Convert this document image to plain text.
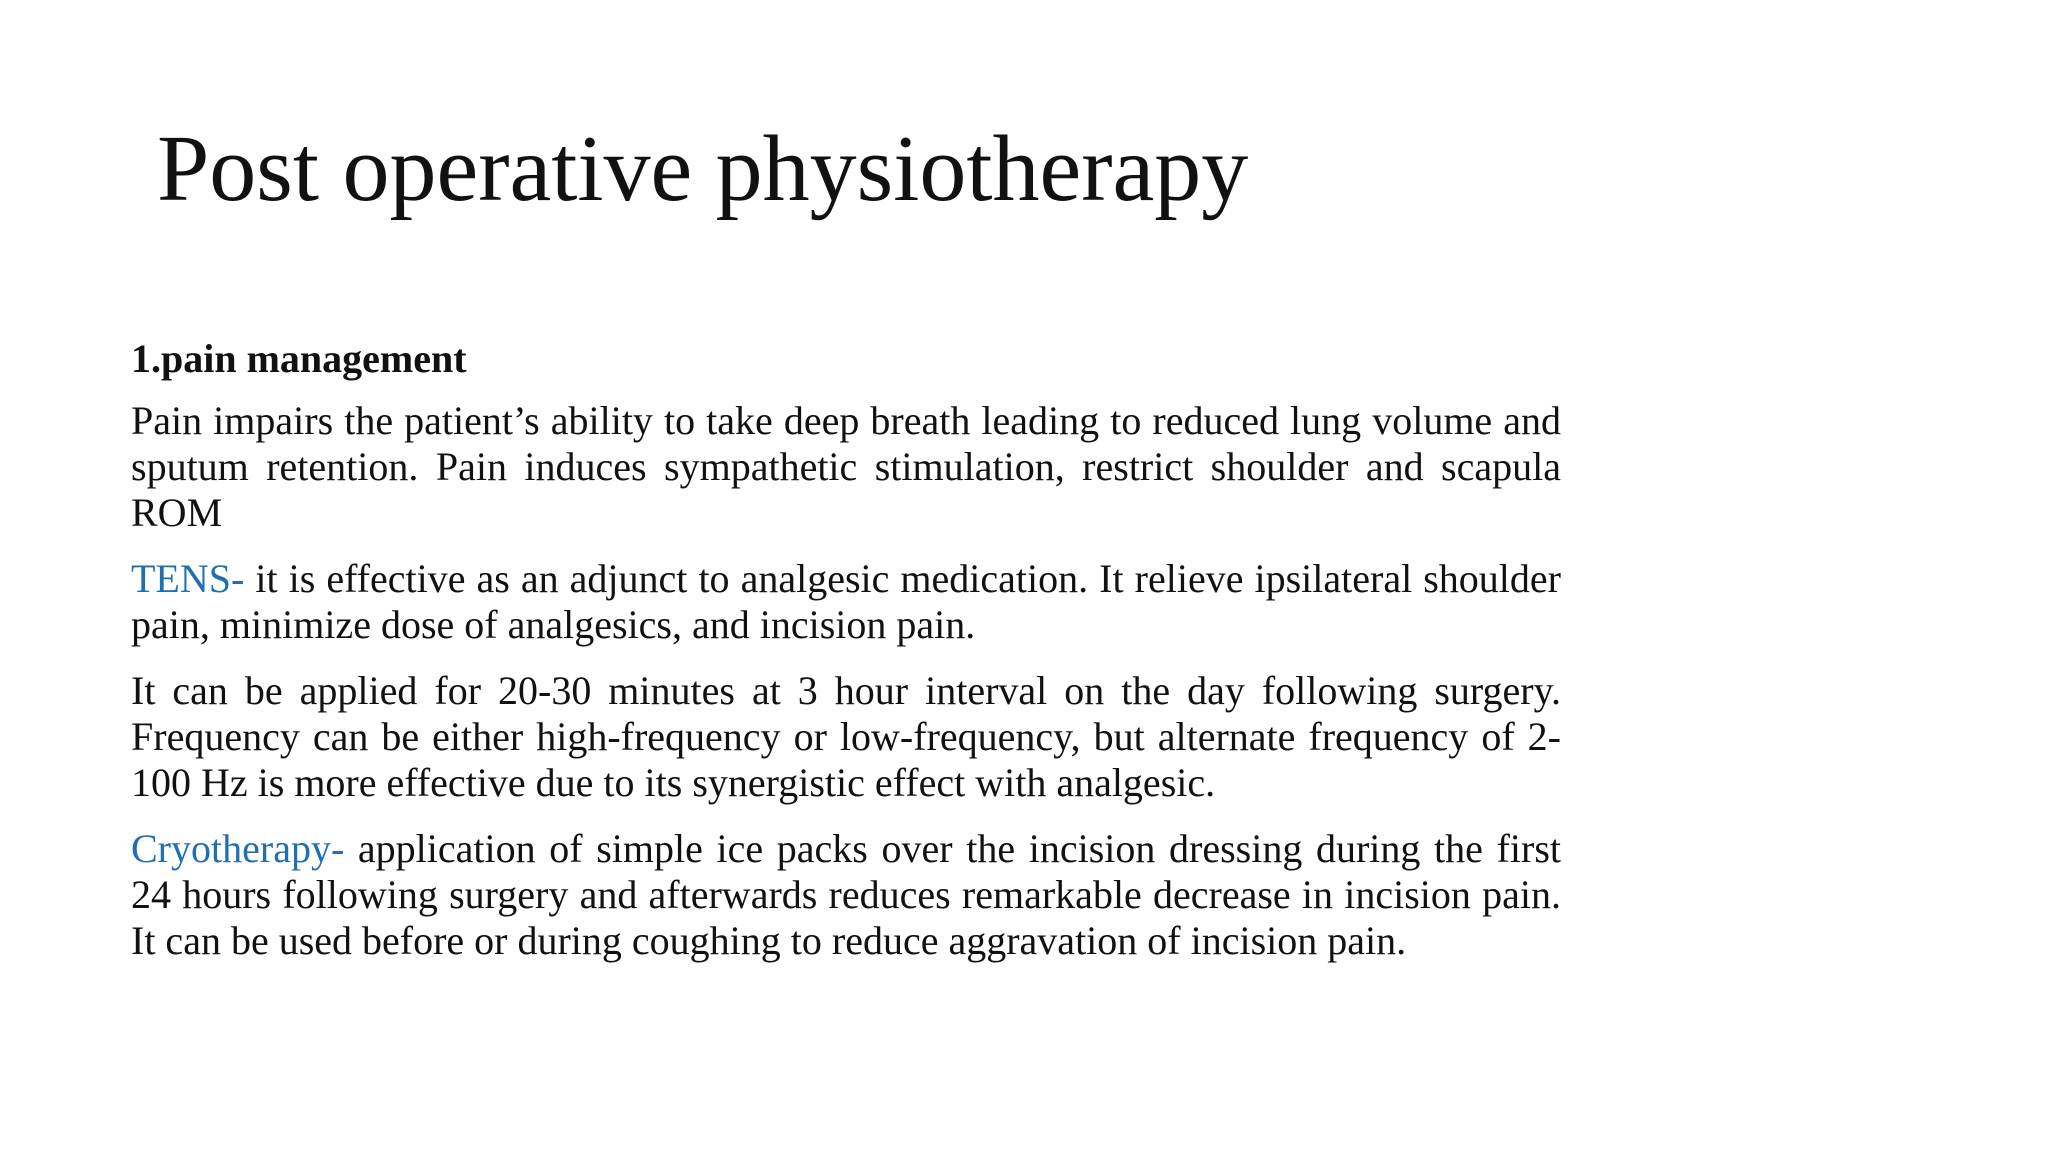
Post operative physiotherapy

1.pain management

Pain impairs the patient’s ability to take deep breath leading to reduced lung volume and sputum retention. Pain induces sympathetic stimulation, restrict shoulder and scapula ROM

TENS- it is effective as an adjunct to analgesic medication. It relieve ipsilateral shoulder pain, minimize dose of analgesics, and incision pain.

It can be applied for 20-30 minutes at 3 hour interval on the day following surgery. Frequency can be either high-frequency or low-frequency, but alternate frequency of 2-100 Hz is more effective due to its synergistic effect with analgesic.

Cryotherapy- application of simple ice packs over the incision dressing during the first 24 hours following surgery and afterwards reduces remarkable decrease in incision pain. It can be used before or during coughing to reduce aggravation of incision pain.
